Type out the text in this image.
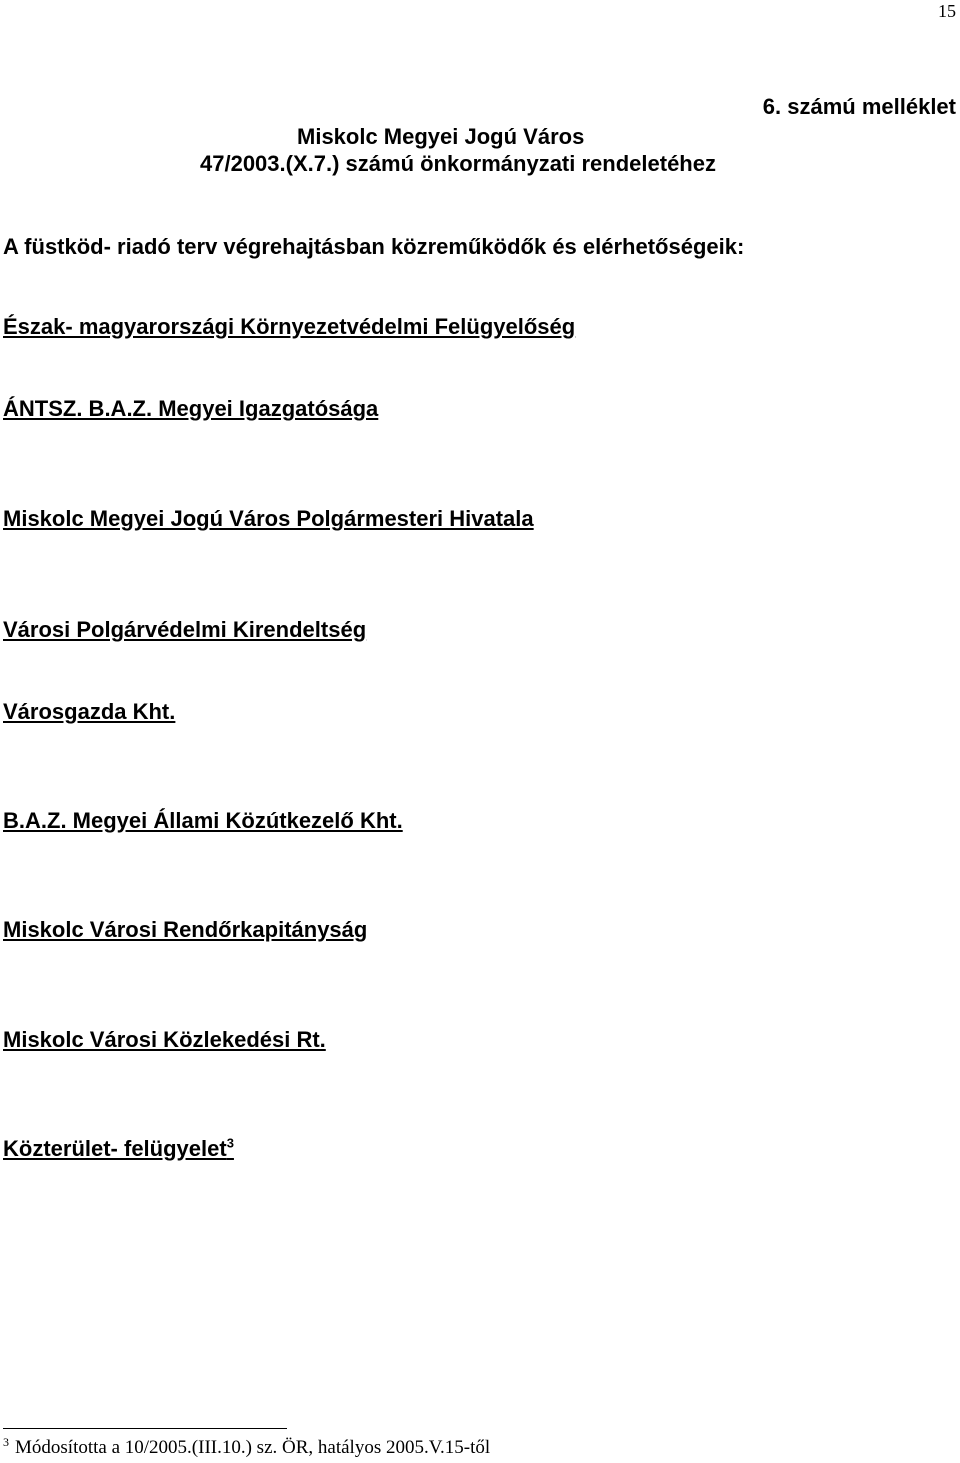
15
6. számú melléklet
Miskolc Megyei Jogú Város
47/2003.(X.7.) számú önkormányzati rendeletéhez
A füstköd- riadó terv végrehajtásban közreműködők és elérhetőségeik:
Észak- magyarországi Környezetvédelmi Felügyelőség
ÁNTSZ. B.A.Z. Megyei Igazgatósága
Miskolc Megyei Jogú Város Polgármesteri Hivatala
Városi Polgárvédelmi Kirendeltség
Városgazda Kht.
B.A.Z. Megyei Állami Közútkezelő Kht.
Miskolc Városi Rendőrkapitányság
Miskolc Városi Közlekedési Rt.
Közterület- felügyelet$^3$
$^3$ Módosította a 10/2005.(III.10.) sz. ÖR, hatályos 2005.V.15-től
